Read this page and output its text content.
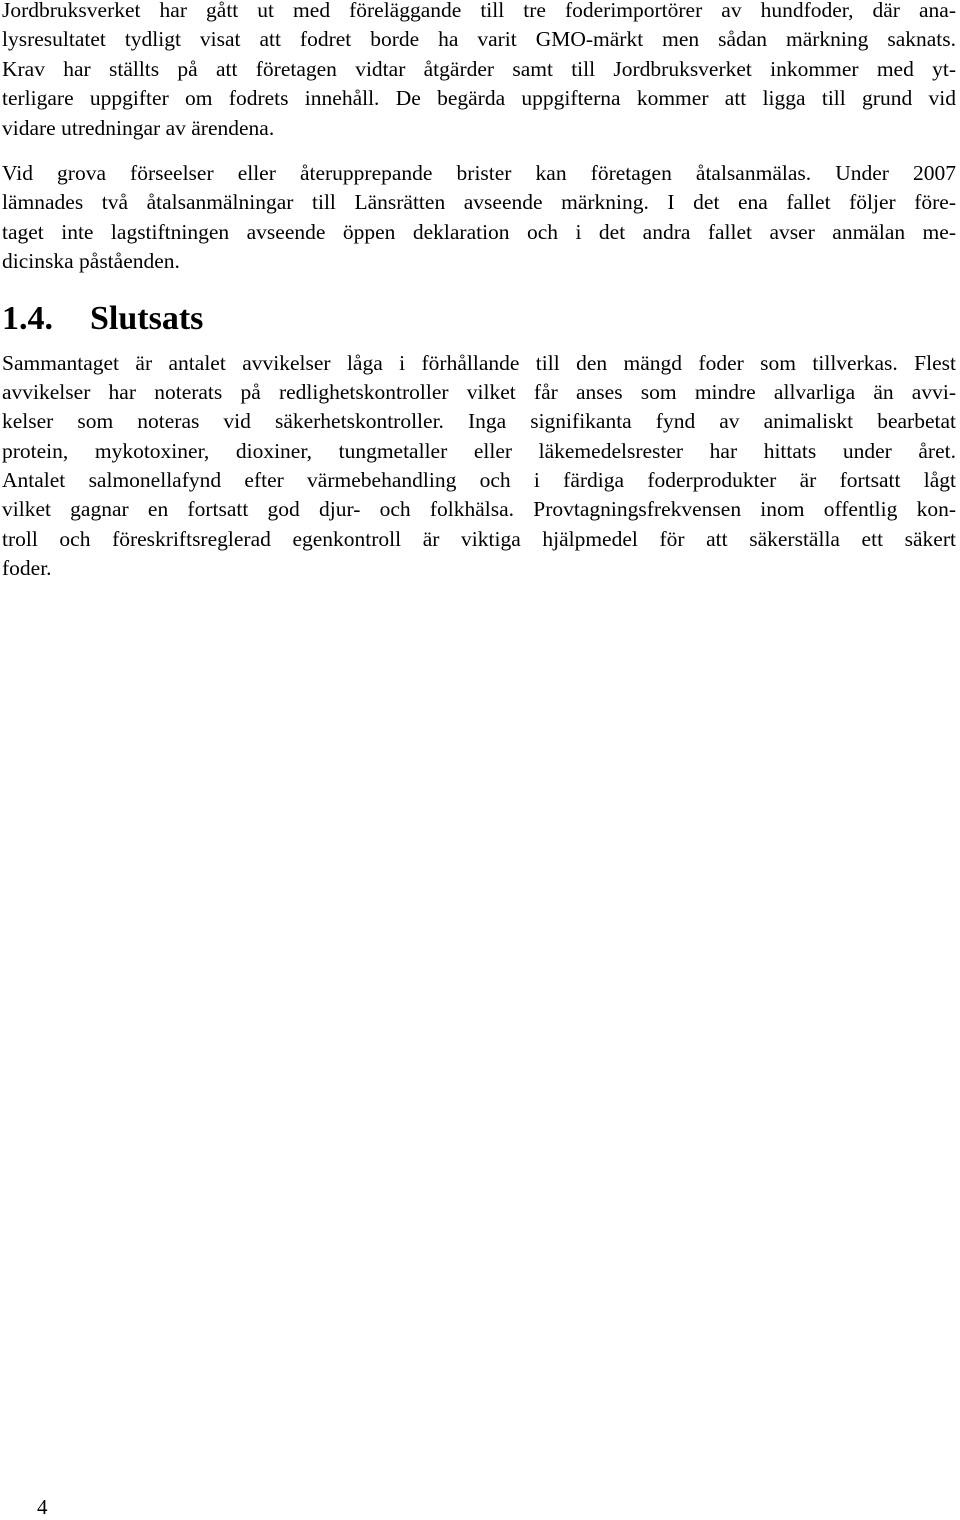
Jordbruksverket har gått ut med föreläggande till tre foderimportörer av hundfoder, där ana-
lysresultatet tydligt visat att fodret borde ha varit GMO-märkt men sådan märkning saknats.
Krav har ställts på att företagen vidtar åtgärder samt till Jordbruksverket inkommer med yt-
terligare uppgifter om fodrets innehåll. De begärda uppgifterna kommer att ligga till grund vid
vidare utredningar av ärendena.
Vid grova förseelser eller återupprepande brister kan företagen åtalsanmälas. Under 2007
lämnades två åtalsanmälningar till Länsrätten avseende märkning. I det ena fallet följer före-
taget inte lagstiftningen avseende öppen deklaration och i det andra fallet avser anmälan me-
dicinska påståenden.
1.4.	Slutsats
Sammantaget är antalet avvikelser låga i förhållande till den mängd foder som tillverkas. Flest
avvikelser har noterats på redlighetskontroller vilket får anses som mindre allvarliga än avvi-
kelser som noteras vid säkerhetskontroller. Inga signifikanta fynd av animaliskt bearbetat
protein, mykotoxiner, dioxiner, tungmetaller eller läkemedelsrester har hittats under året.
Antalet salmonellafynd efter värmebehandling och i färdiga foderprodukter är fortsatt lågt
vilket gagnar en fortsatt god djur- och folkhälsa. Provtagningsfrekvensen inom offentlig kon-
troll och föreskriftsreglerad egenkontroll är viktiga hjälpmedel för att säkerställa ett säkert
foder.
4
